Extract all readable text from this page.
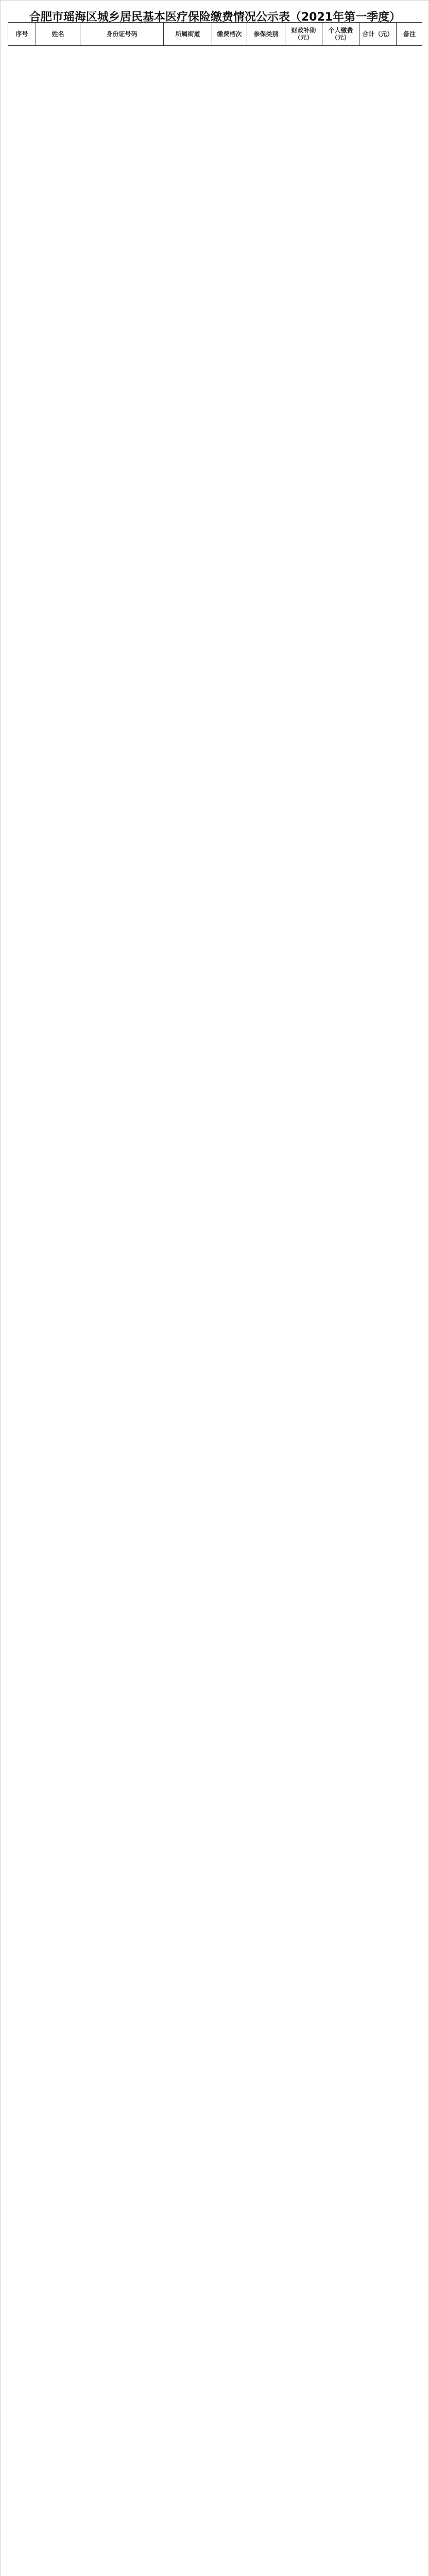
合肥市瑶海区城乡居民基本医疗保险缴费情况公示表（2021年第一季度）
序号	姓名	身份证号码	所属街道	缴费档次	参保类别	财政补助（元）	个人缴费（元）	合计（元）	备注
